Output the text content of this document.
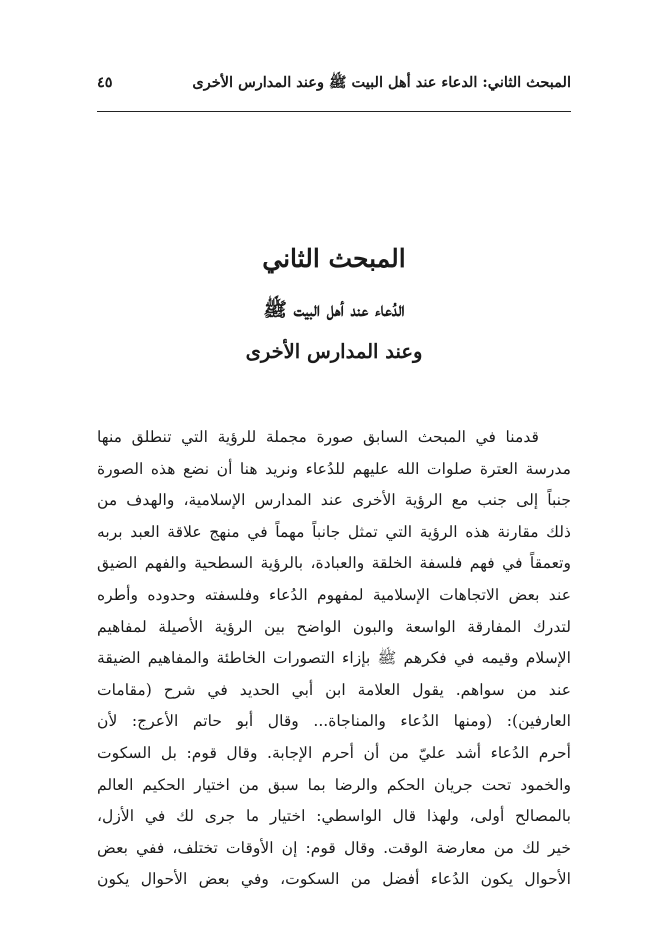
المبحث الثاني: الدعاء عند أهل البيت ﷺ وعند المدارس الأخرى
٤٥
المبحث الثاني
الدُعاء عند أهل البيت ﷺ
وعند المدارس الأخرى
قدمنا في المبحث السابق صورة مجملة للرؤية التي تنطلق منها
مدرسة العترة صلوات الله عليهم للدُعاء ونريد هنا أن نضع هذه الصورة
جنباً إلى جنب مع الرؤية الأخرى عند المدارس الإسلامية، والهدف من
ذلك مقارنة هذه الرؤية التي تمثل جانباً مهماً في منهج علاقة العبد بربه
وتعمقاً في فهم فلسفة الخلقة والعبادة، بالرؤية السطحية والفهم الضيق
عند بعض الاتجاهات الإسلامية لمفهوم الدُعاء وفلسفته وحدوده وأطره
لتدرك المفارقة الواسعة والبون الواضح بين الرؤية الأصيلة لمفاهيم
الإسلام وقيمه في فكرهم ﷺ بإزاء التصورات الخاطئة والمفاهيم الضيقة
عند من سواهم. يقول العلامة ابن أبي الحديد في شرح (مقامات
العارفين): (ومنها الدُعاء والمناجاة... وقال أبو حاتم الأعرج: لأن
أحرم الدُعاء أشد عليّ من أن أحرم الإجابة. وقال قوم: بل السكوت
والخمود تحت جريان الحكم والرضا بما سبق من اختيار الحكيم العالم
بالمصالح أولى، ولهذا قال الواسطي: اختيار ما جرى لك في الأزل،
خير لك من معارضة الوقت. وقال قوم: إن الأوقات تختلف، ففي بعض
الأحوال يكون الدُعاء أفضل من السكوت، وفي بعض الأحوال يكون
